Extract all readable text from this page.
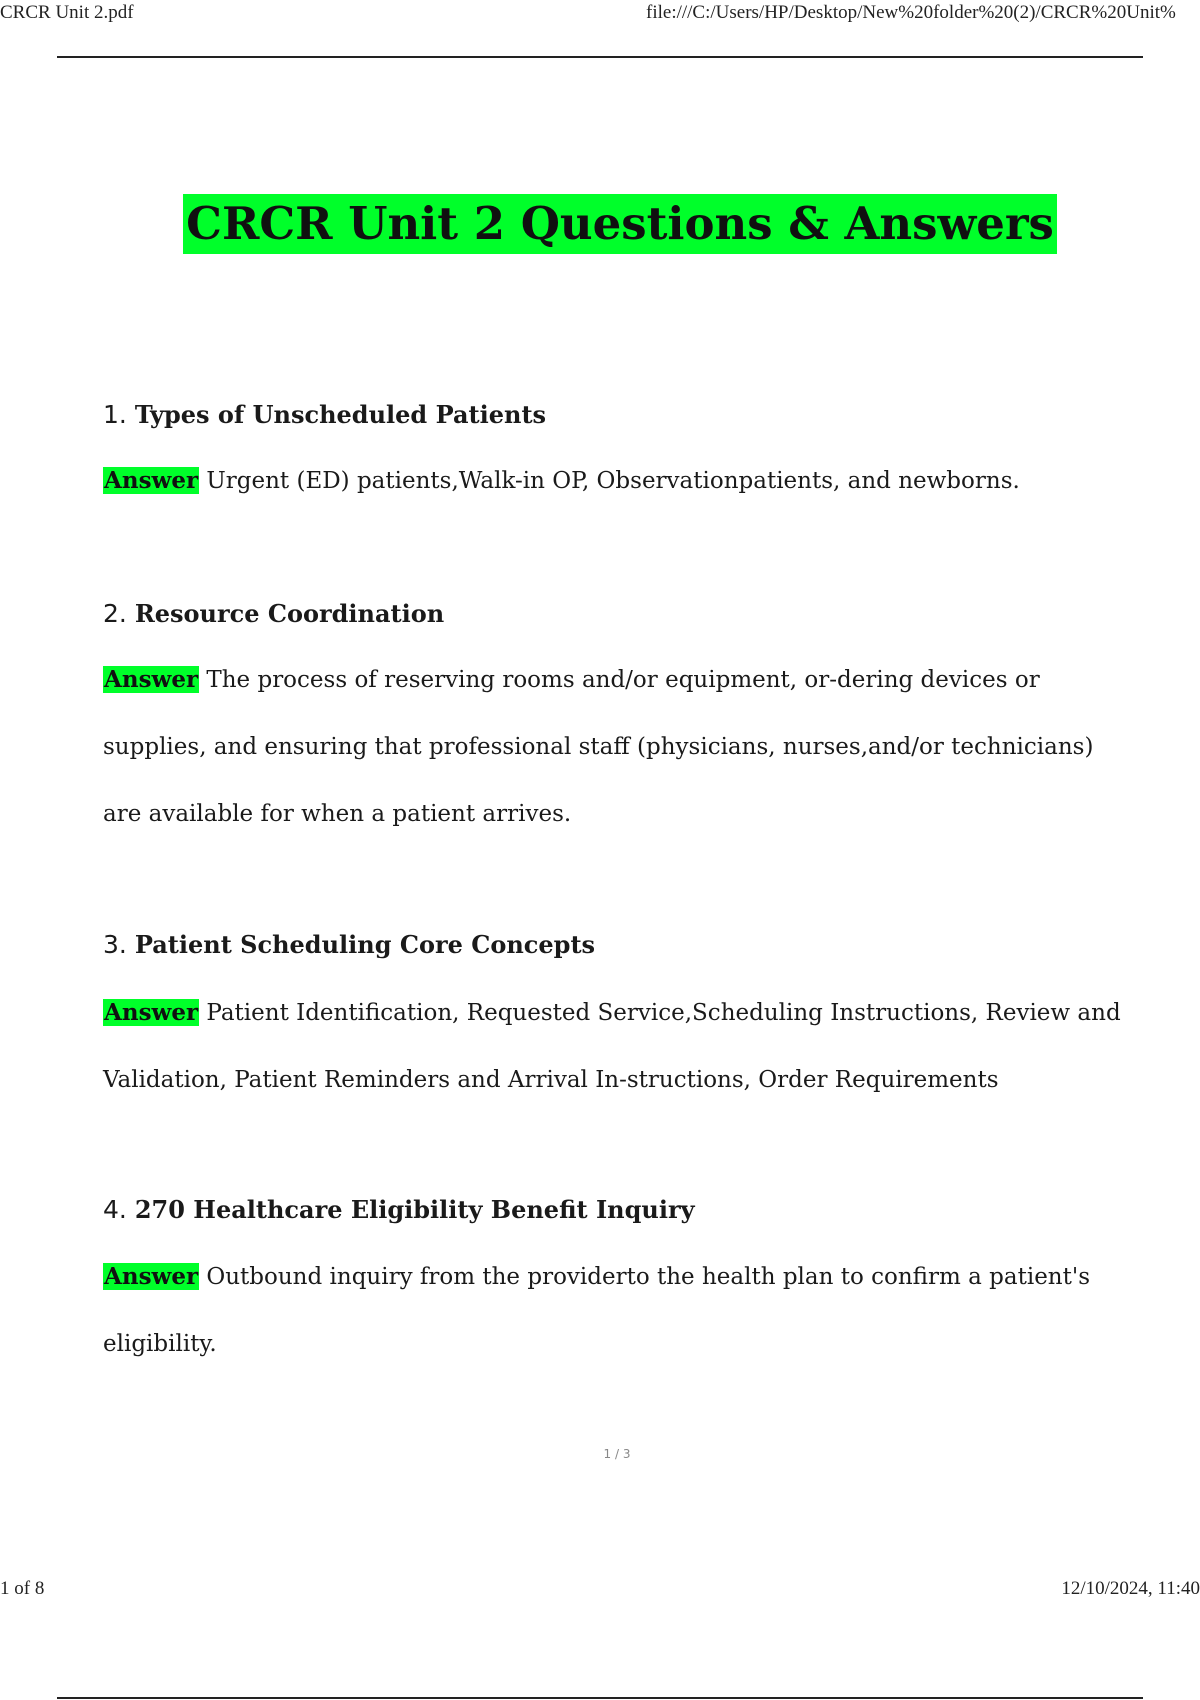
CRCR Unit 2.pdf	file:///C:/Users/HP/Desktop/New%20folder%20(2)/CRCR%20Unit%
CRCR Unit 2 Questions & Answers
1. Types of Unscheduled Patients
Answer Urgent (ED) patients,Walk-in OP, Observationpatients, and newborns.
2. Resource Coordination
Answer The process of reserving rooms and/or equipment, or-dering devices or supplies, and ensuring that professional staff (physicians, nurses,and/or technicians) are available for when a patient arrives.
3. Patient Scheduling Core Concepts
Answer Patient Identification, Requested Service,Scheduling Instructions, Review and Validation, Patient Reminders and Arrival In-structions, Order Requirements
4. 270 Healthcare Eligibility Benefit Inquiry
Answer Outbound inquiry from the providerto the health plan to confirm a patient's eligibility.
1 / 3
1 of 8	12/10/2024, 11:40
